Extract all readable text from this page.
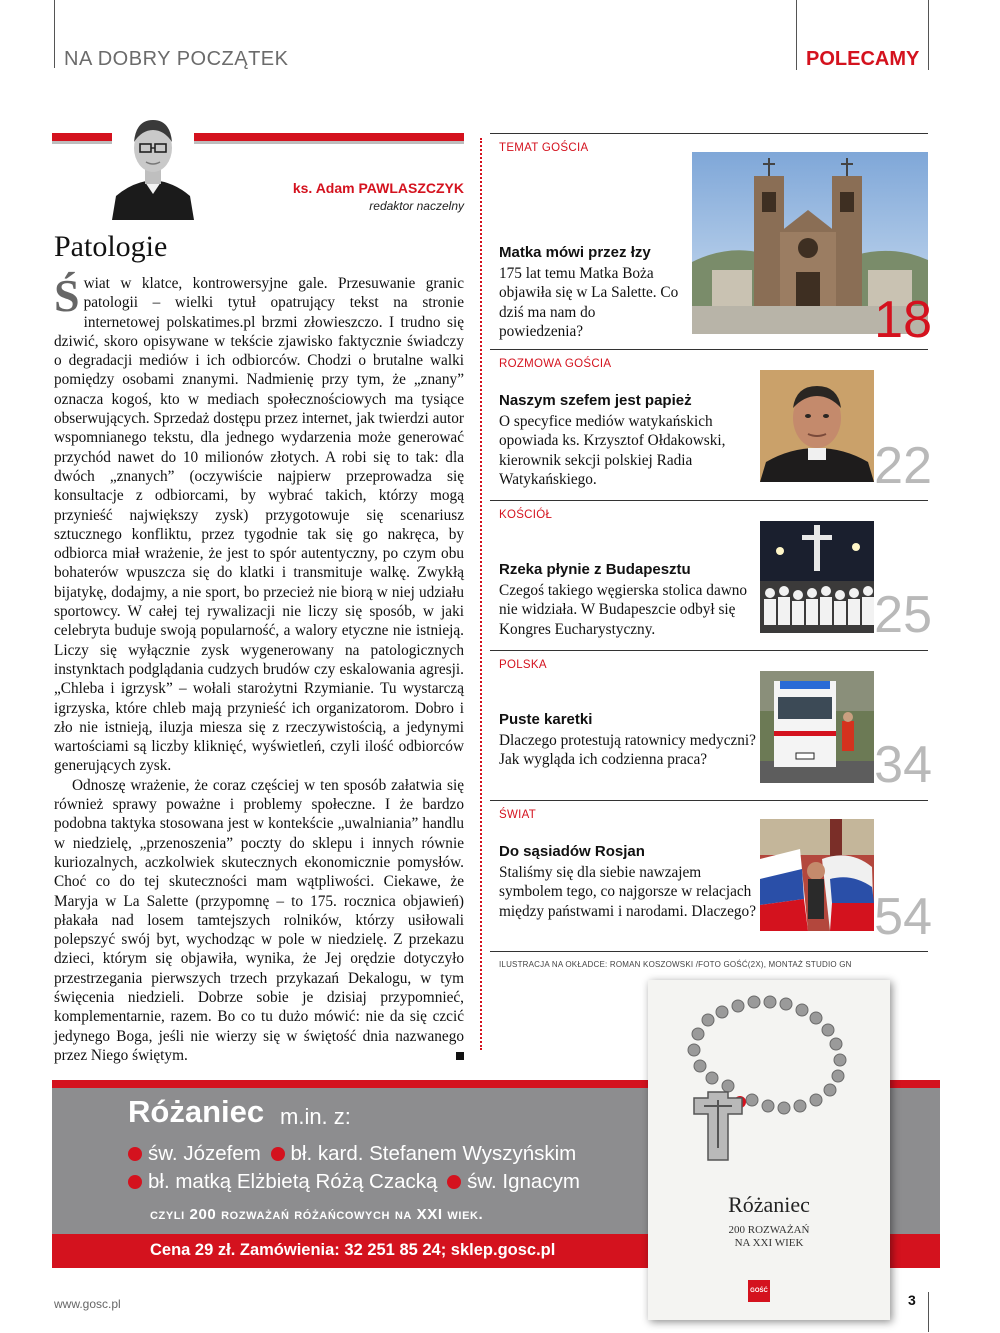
NA DOBRY POCZĄTEK	POLECAMY
ks. Adam PAWLASZCZYK
redaktor naczelny
Patologie

Świat w klatce, kontrowersyjne gale. Przesuwanie granic patologii – wielki tytuł opatrujący tekst na stronie internetowej polskatimes.pl brzmi złowieszczo. I trudno się dziwić, skoro opisywane w tekście zjawisko faktycznie świadczy o degradacji mediów i ich odbiorców. Chodzi o brutalne walki pomiędzy osobami znanymi. Nadmienię przy tym, że „znany” oznacza kogoś, kto w mediach społecznościowych ma tysiące obserwujących. Sprzedaż dostępu przez internet, jak twierdzi autor wspomnianego tekstu, dla jednego wydarzenia może generować przychód nawet do 10 milionów złotych. A robi się to tak: dla dwóch „znanych” (oczywiście najpierw przeprowadza się konsultacje z odbiorcami, by wybrać takich, którzy mogą przynieść największy zysk) przygotowuje się scenariusz sztucznego konfliktu, przez tygodnie tak się go nakręca, by odbiorca miał wrażenie, że jest to spór autentyczny, po czym obu bohaterów wpuszcza się do klatki i transmituje walkę. Zwykłą bijatykę, dodajmy, a nie sport, bo przecież nie biorą w niej udziału sportowcy. W całej tej rywalizacji nie liczy się sposób, w jaki celebryta buduje swoją popularność, a walory etyczne nie istnieją. Liczy się wyłącznie zysk wygenerowany na patologicznych instynktach podglądania cudzych brudów czy eskalowania agresji. „Chleba i igrzysk” – wołali starożytni Rzymianie. Tu wystarczą igrzyska, które chleb mają przynieść ich organizatorom. Dobro i zło nie istnieją, iluzja miesza się z rzeczywistością, a jedynymi wartościami są liczby kliknięć, wyświetleń, czyli ilość odbiorców generujących zysk.

Odnoszę wrażenie, że coraz częściej w ten sposób załatwia się również sprawy poważne i problemy społeczne. I że bardzo podobna taktyka stosowana jest w kontekście „uwalniania” handlu w niedzielę, „przenoszenia” poczty do sklepu i innych równie kuriozalnych, aczkolwiek skutecznych ekonomicznie pomysłów. Choć co do tej skuteczności mam wątpliwości. Ciekawe, że Maryja w La Salette (przypomnę – to 175. rocznica objawień) płakała nad losem tamtejszych rolników, którzy usiłowali polepszyć swój byt, wychodząc w pole w niedzielę. Z przekazu dzieci, którym się objawiła, wynika, że Jej orędzie dotyczyło przestrzegania pierwszych trzech przykazań Dekalogu, w tym święcenia niedzieli. Dobrze sobie je dzisiaj przypomnieć, komplementarnie, razem. Bo co tu dużo mówić: nie da się czcić jedynego Boga, jeśli nie wierzy się w świętość dnia nazwanego przez Niego świętym.

TEMAT GOŚCIA
Matka mówi przez łzy
175 lat temu Matka Boża objawiła się w La Salette. Co dziś ma nam do powiedzenia?	18
ROZMOWA GOŚCIA
Naszym szefem jest papież
O specyfice mediów watykańskich opowiada ks. Krzysztof Ołdakowski, kierownik sekcji polskiej Radia Watykańskiego.	22
KOŚCIÓŁ
Rzeka płynie z Budapesztu
Czegoś takiego węgierska stolica dawno nie widziała. W Budapeszcie odbył się Kongres Eucharystyczny.	25
POLSKA
Puste karetki
Dlaczego protestują ratownicy medyczni? Jak wygląda ich codzienna praca?	34
ŚWIAT
Do sąsiadów Rosjan
Staliśmy się dla siebie nawzajem symbolem tego, co najgorsze w relacjach między państwami i narodami. Dlaczego? 54
ILUSTRACJA NA OKŁADCE: ROMAN KOSZOWSKI /FOTO GOŚĆ(2X), MONTAŻ STUDIO GN
Różaniec m.in. z:
św. Józefem bł. kard. Stefanem Wyszyńskim
bł. matką Elżbietą Różą Czacką św. Ignacym
czyli 200 rozważań różańcowych na XXI wiek.
Cena 29 zł. Zamówienia: 32 251 85 24; sklep.gosc.pl
Różaniec
200 ROZWAŻAŃ
NA XXI WIEK
GOŚĆ
www.gosc.pl	3
